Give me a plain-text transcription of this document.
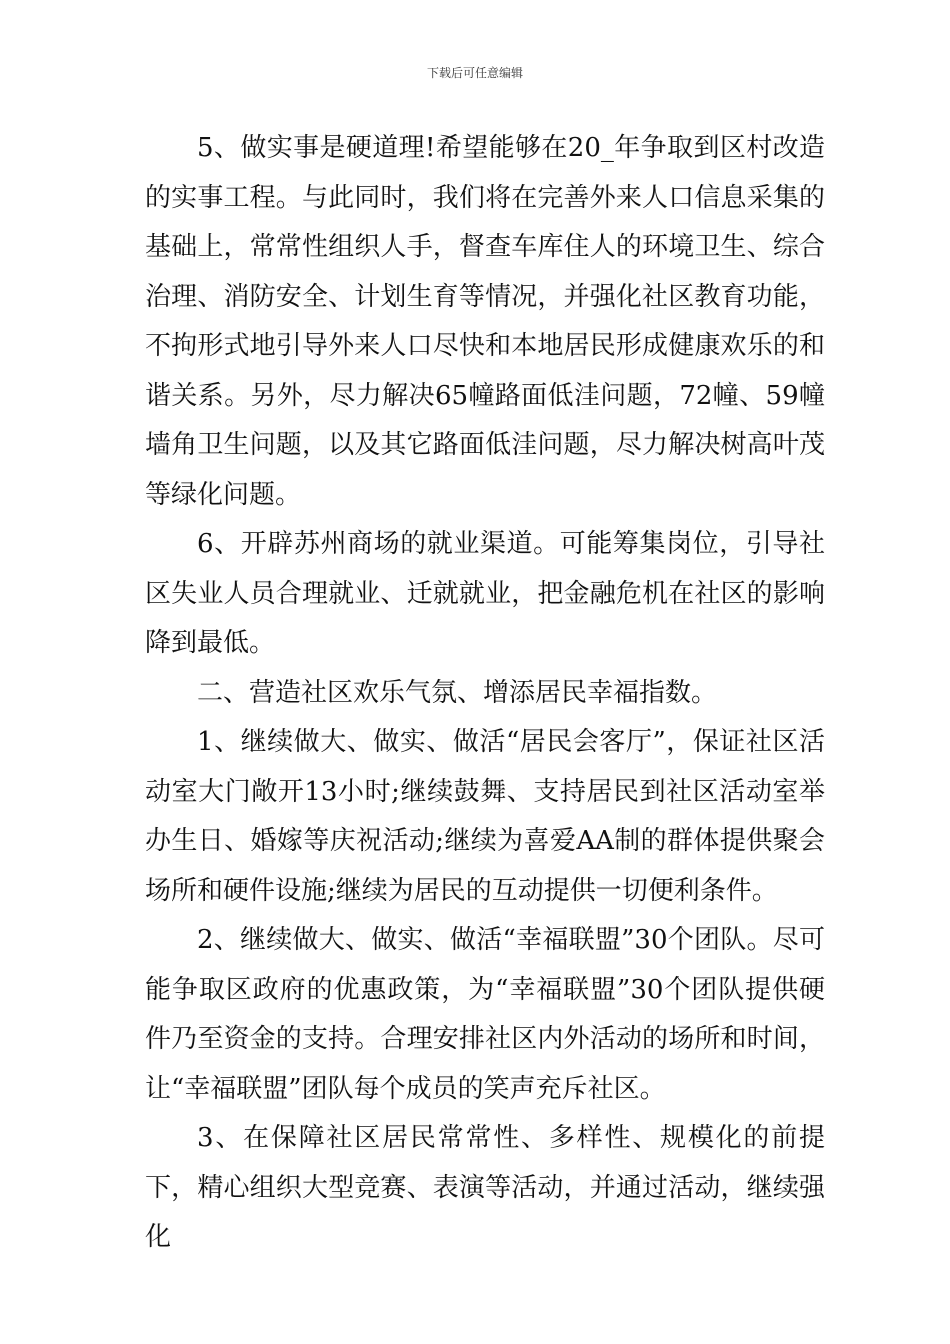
下载后可任意编辑

5、做实事是硬道理!希望能够在20_年争取到区村改造的实事工程。与此同时，我们将在完善外来人口信息采集的基础上，常常性组织人手，督查车库住人的环境卫生、综合治理、消防安全、计划生育等情况，并强化社区教育功能，不拘形式地引导外来人口尽快和本地居民形成健康欢乐的和谐关系。另外，尽力解决65幢路面低洼问题，72幢、59幢墙角卫生问题，以及其它路面低洼问题，尽力解决树高叶茂等绿化问题。

6、开辟苏州商场的就业渠道。可能筹集岗位，引导社区失业人员合理就业、迁就就业，把金融危机在社区的影响降到最低。

二、营造社区欢乐气氛、增添居民幸福指数。

1、继续做大、做实、做活“居民会客厅”，保证社区活动室大门敞开13小时;继续鼓舞、支持居民到社区活动室举办生日、婚嫁等庆祝活动;继续为喜爱AA制的群体提供聚会场所和硬件设施;继续为居民的互动提供一切便利条件。

2、继续做大、做实、做活“幸福联盟”30个团队。尽可能争取区政府的优惠政策，为“幸福联盟”30个团队提供硬件乃至资金的支持。合理安排社区内外活动的场所和时间，让“幸福联盟”团队每个成员的笑声充斥社区。

3、在保障社区居民常常性、多样性、规模化的前提下，精心组织大型竞赛、表演等活动，并通过活动，继续强化
